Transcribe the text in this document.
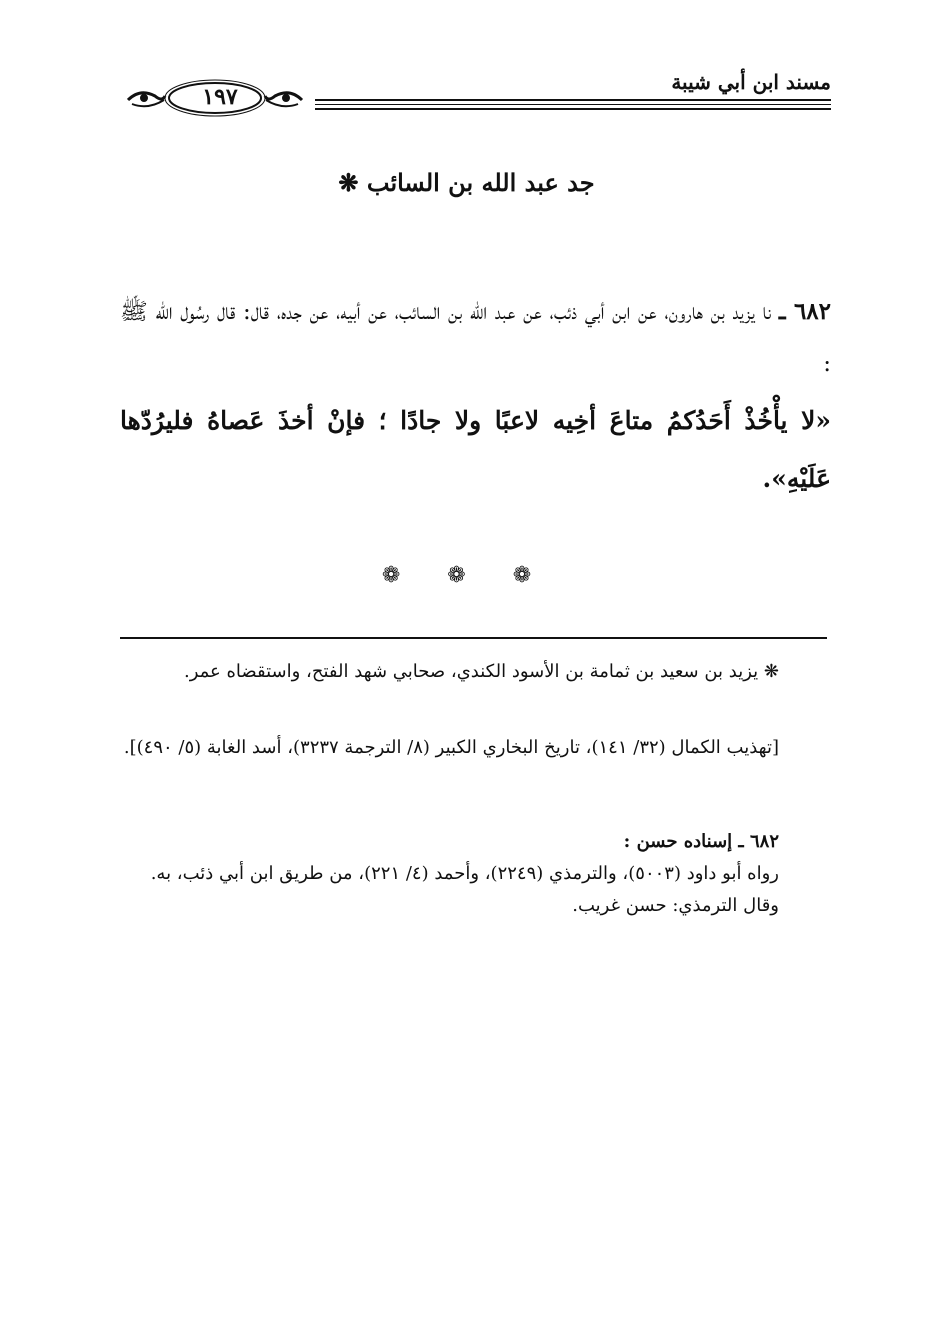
مسند ابن أبي شيبة
١٩٧
جد عبد الله بن السائب ❋
٦٨٢ ـ نا يزيد بن هارون، عن ابن أبي ذئب، عن عبد الله بن السائب، عن أبيه، عن جده، قال: قال رسُول الله ﷺ :
«لا يأْخُذْ أَحَدُكمُ متاعَ أخِيه لاعبًا ولا جادًا ؛ فإنْ أخذَ عَصاهُ فليرُدّها عَلَيْهِ».
❁ ❁ ❁
❋ يزيد بن سعيد بن ثمامة بن الأسود الكندي، صحابي شهد الفتح، واستقضاه عمر.
[تهذيب الكمال (٣٢/ ١٤١)، تاريخ البخاري الكبير (٨/ الترجمة ٣٢٣٧)، أسد الغابة (٥/ ٤٩٠)].
٦٨٢ ـ إسناده حسن :
رواه أبو داود (٥٠٠٣)، والترمذي (٢٢٤٩)، وأحمد (٤/ ٢٢١)، من طريق ابن أبي ذئب، به.
وقال الترمذي: حسن غريب.
